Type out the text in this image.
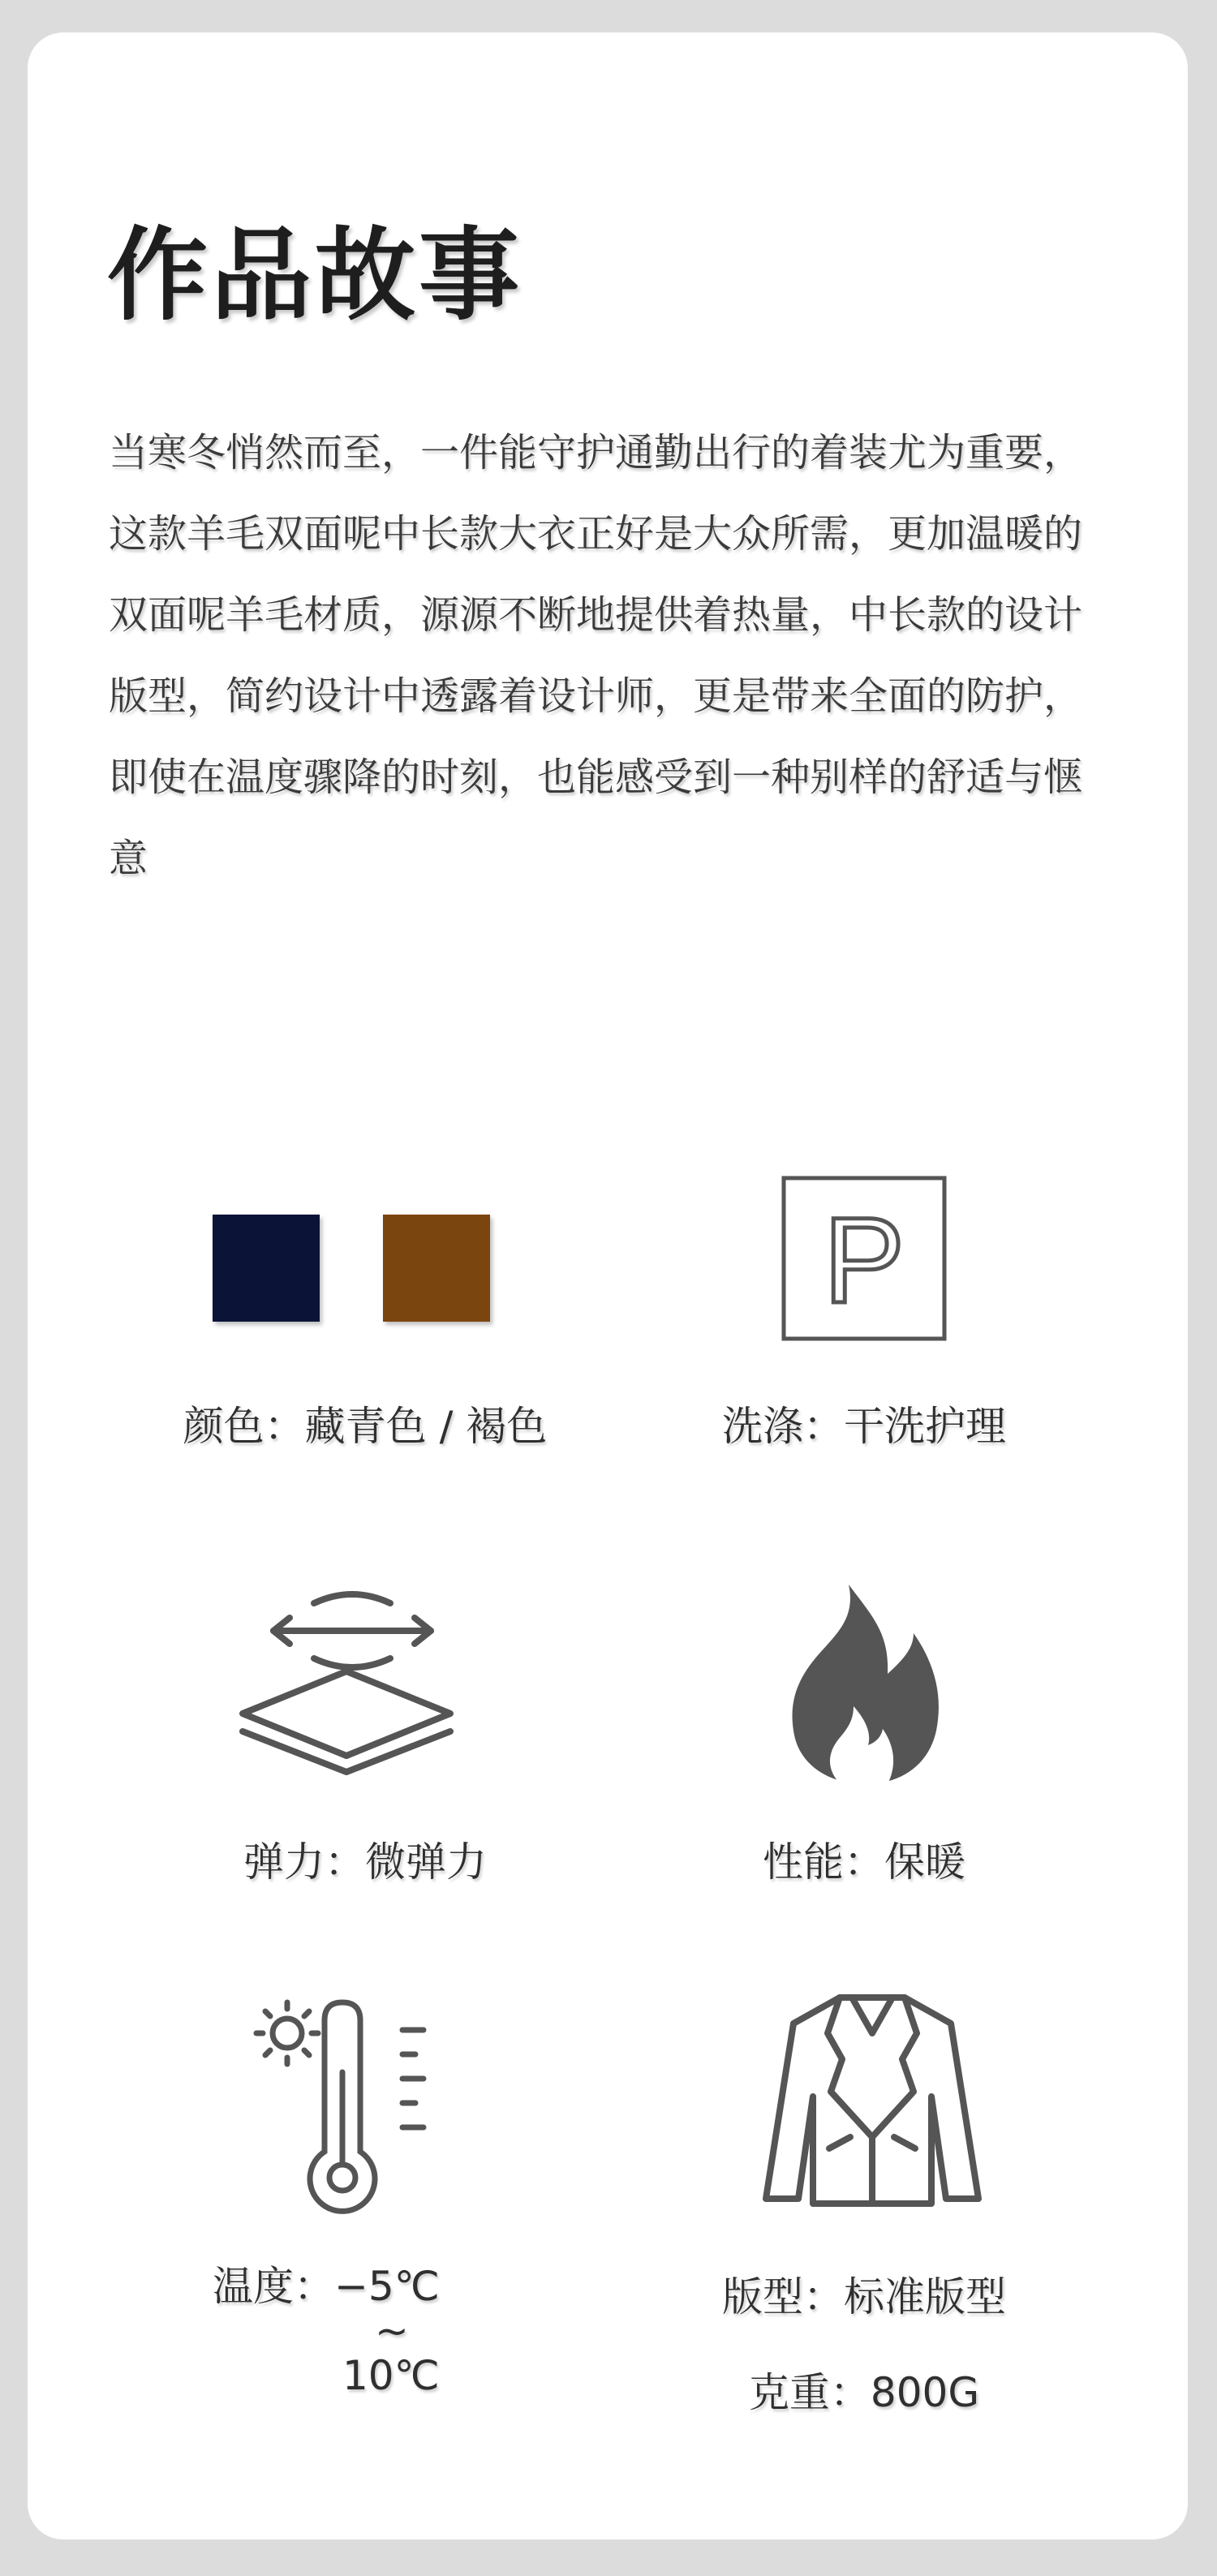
作品故事

当寒冬悄然而至，一件能守护通勤出行的着装尤为重要，这款羊毛双面呢中长款大衣正好是大众所需，更加温暖的双面呢羊毛材质，源源不断地提供着热量，中长款的设计版型，简约设计中透露着设计师，更是带来全面的防护，即使在温度骤降的时刻，也能感受到一种别样的舒适与惬意

颜色：藏青色 / 褐色
P
洗涤：干洗护理
弹力：微弹力	性能：保暖
温度：−5℃
~
10℃
版型：标准版型
克重：800G
